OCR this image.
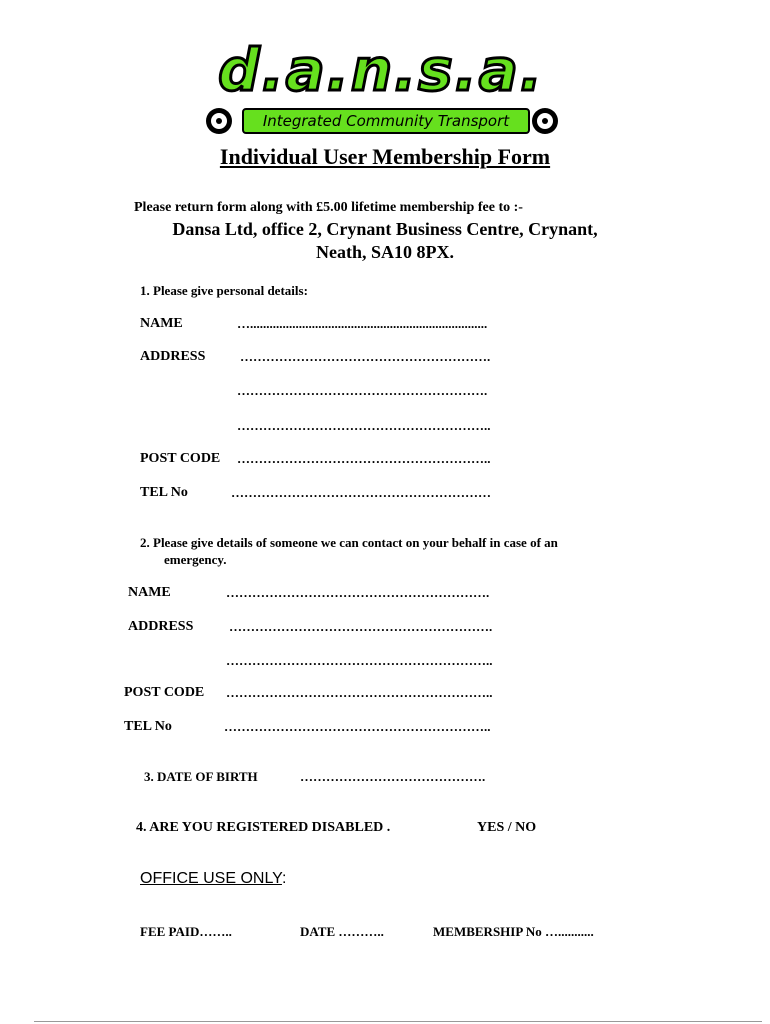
d.a.n.s.a.
Integrated Community Transport
Individual User Membership Form
Please return form along with £5.00 lifetime membership fee to :-
Dansa Ltd, office 2, Crynant Business Centre, Crynant,
Neath, SA10 8PX.
1. Please give personal details:
NAME	….........................................................................
ADDRESS	………………………………………………….
………………………………………………….
…………………………………………………..
POST CODE …………………………………………………..
TEL No	……………………………………………………
2. Please give details of someone we can contact on your behalf in case of an
emergency.
NAME	…………………………………………………….
ADDRESS	…………………………………………………….
……………………………………………………..
POST CODE ……………………………………………………..
TEL No	……………………………………………………..
3. DATE OF BIRTH	…………………………………….
4. ARE YOU REGISTERED DISABLED .	YES / NO
OFFICE USE ONLY:
FEE PAID……..	DATE ………..	MEMBERSHIP No …...........
